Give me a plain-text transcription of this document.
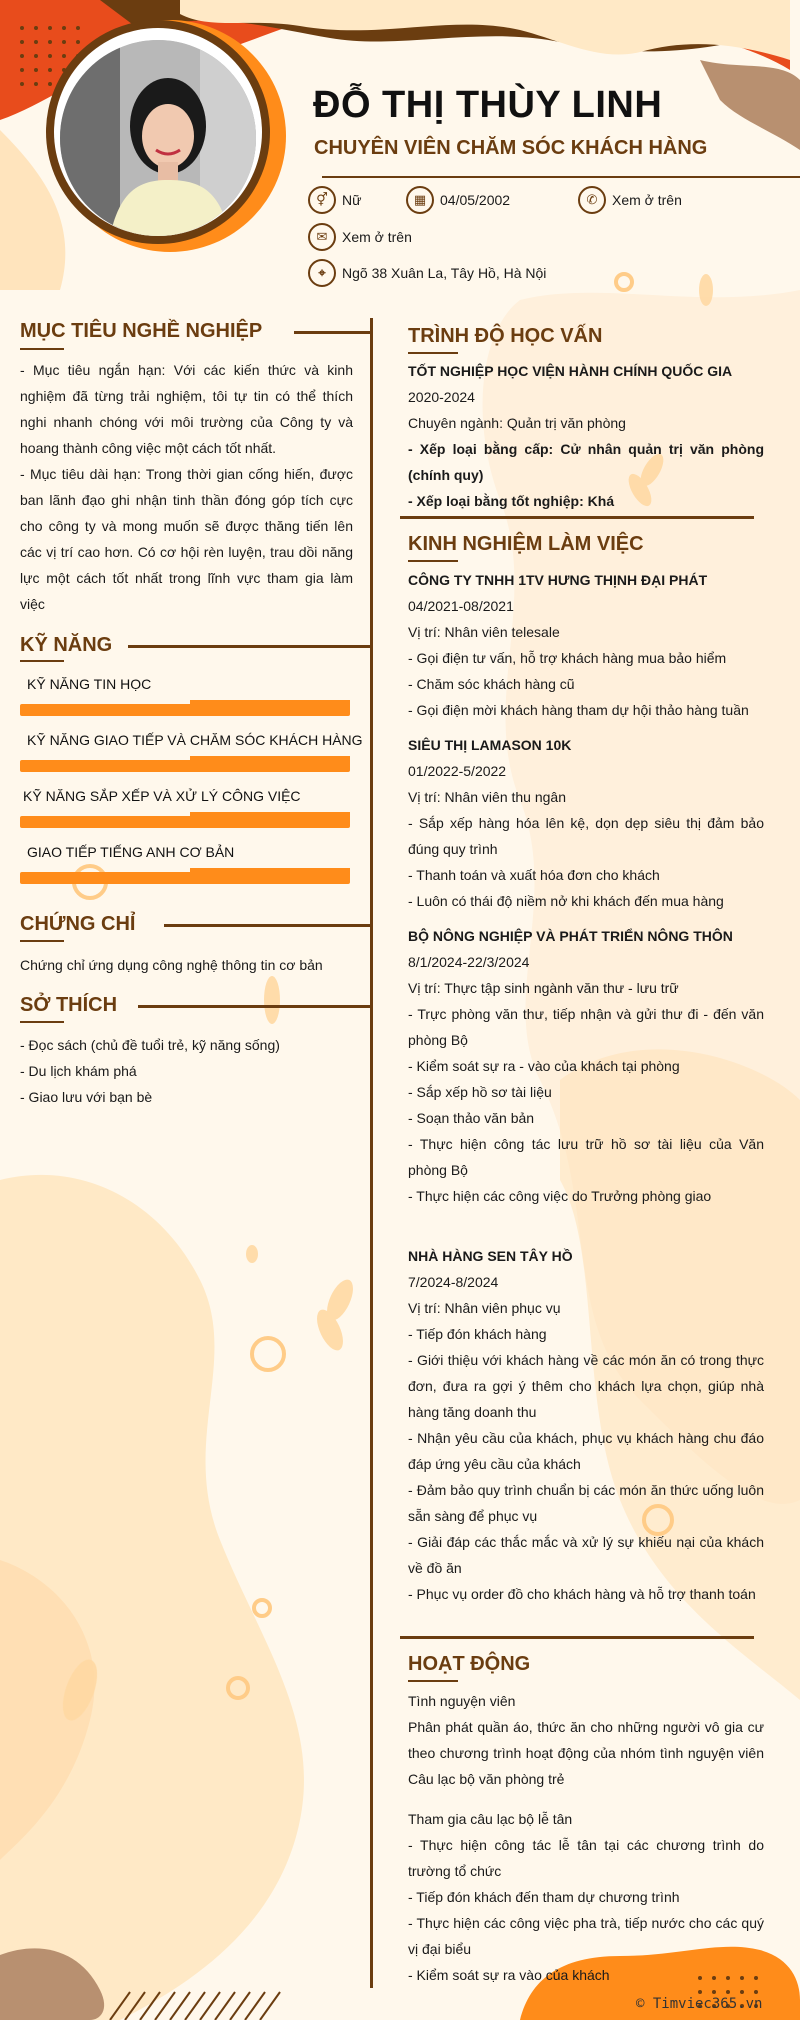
ĐỖ THỊ THÙY LINH
CHUYÊN VIÊN CHĂM SÓC KHÁCH HÀNG
⚥	Nữ	▦ 04/05/2002	✆	Xem ở trên
✉	Xem ở trên
⌖	Ngõ 38 Xuân La, Tây Hồ, Hà Nội
MỤC TIÊU NGHỀ NGHIỆP
- Mục tiêu ngắn hạn: Với các kiến thức và kinh nghiệm đã từng trải nghiệm, tôi tự tin có thể thích nghi nhanh chóng với môi trường của Công ty và hoang thành công việc một cách tốt nhất.
- Mục tiêu dài hạn: Trong thời gian cống hiến, được ban lãnh đạo ghi nhận tinh thần đóng góp tích cực cho công ty và mong muốn sẽ được thăng tiến lên các vị trí cao hơn. Có cơ hội rèn luyện, trau dồi năng lực một cách tốt nhất trong lĩnh vực tham gia làm việc
KỸ NĂNG
KỸ NĂNG TIN HỌC
KỸ NĂNG GIAO TIẾP VÀ CHĂM SÓC KHÁCH HÀNG
KỸ NĂNG SẮP XẾP VÀ XỬ LÝ CÔNG VIỆC
GIAO TIẾP TIẾNG ANH CƠ BẢN
CHỨNG CHỈ
Chứng chỉ ứng dụng công nghệ thông tin cơ bản
SỞ THÍCH
- Đọc sách (chủ đề tuổi trẻ, kỹ năng sống)
- Du lịch khám phá
- Giao lưu với bạn bè
TRÌNH ĐỘ HỌC VẤN
TỐT NGHIỆP HỌC VIỆN HÀNH CHÍNH QUỐC GIA
2020-2024
Chuyên ngành: Quản trị văn phòng
- Xếp loại bằng cấp: Cử nhân quản trị văn phòng (chính quy)
- Xếp loại bằng tốt nghiệp: Khá
KINH NGHIỆM LÀM VIỆC
CÔNG TY TNHH 1TV HƯNG THỊNH ĐẠI PHÁT
04/2021-08/2021
Vị trí: Nhân viên telesale
- Gọi điện tư vấn, hỗ trợ khách hàng mua bảo hiểm
- Chăm sóc khách hàng cũ
- Gọi điện mời khách hàng tham dự hội thảo hàng tuần
SIÊU THỊ LAMASON 10K
01/2022-5/2022
Vị trí: Nhân viên thu ngân
- Sắp xếp hàng hóa lên kệ, dọn dẹp siêu thị đảm bảo đúng quy trình
- Thanh toán và xuất hóa đơn cho khách
- Luôn có thái độ niềm nở khi khách đến mua hàng
BỘ NÔNG NGHIỆP VÀ PHÁT TRIỂN NÔNG THÔN
8/1/2024-22/3/2024
Vị trí: Thực tập sinh ngành văn thư - lưu trữ
- Trực phòng văn thư, tiếp nhận và gửi thư đi - đến văn phòng Bộ
- Kiểm soát sự ra - vào của khách tại phòng
- Sắp xếp hồ sơ tài liệu
- Soạn thảo văn bản
- Thực hiện công tác lưu trữ hồ sơ tài liệu của Văn phòng Bộ
- Thực hiện các công việc do Trưởng phòng giao
NHÀ HÀNG SEN TÂY HỒ
7/2024-8/2024
Vị trí: Nhân viên phục vụ
- Tiếp đón khách hàng
- Giới thiệu với khách hàng về các món ăn có trong thực đơn, đưa ra gợi ý thêm cho khách lựa chọn, giúp nhà hàng tăng doanh thu
- Nhận yêu cầu của khách, phục vụ khách hàng chu đáo đáp ứng yêu cầu của khách
- Đảm bảo quy trình chuẩn bị các món ăn thức uống luôn sẵn sàng để phục vụ
- Giải đáp các thắc mắc và xử lý sự khiếu nại của khách về đồ ăn
- Phục vụ order đồ cho khách hàng và hỗ trợ thanh toán
HOẠT ĐỘNG
Tình nguyện viên
Phân phát quần áo, thức ăn cho những người vô gia cư theo chương trình hoạt động của nhóm tình nguyện viên Câu lạc bộ văn phòng trẻ
Tham gia câu lạc bộ lễ tân
- Thực hiện công tác lễ tân tại các chương trình do trường tổ chức
- Tiếp đón khách đến tham dự chương trình
- Thực hiện các công việc pha trà, tiếp nước cho các quý vị đại biểu
- Kiểm soát sự ra vào của khách
© Timviec365.vn
